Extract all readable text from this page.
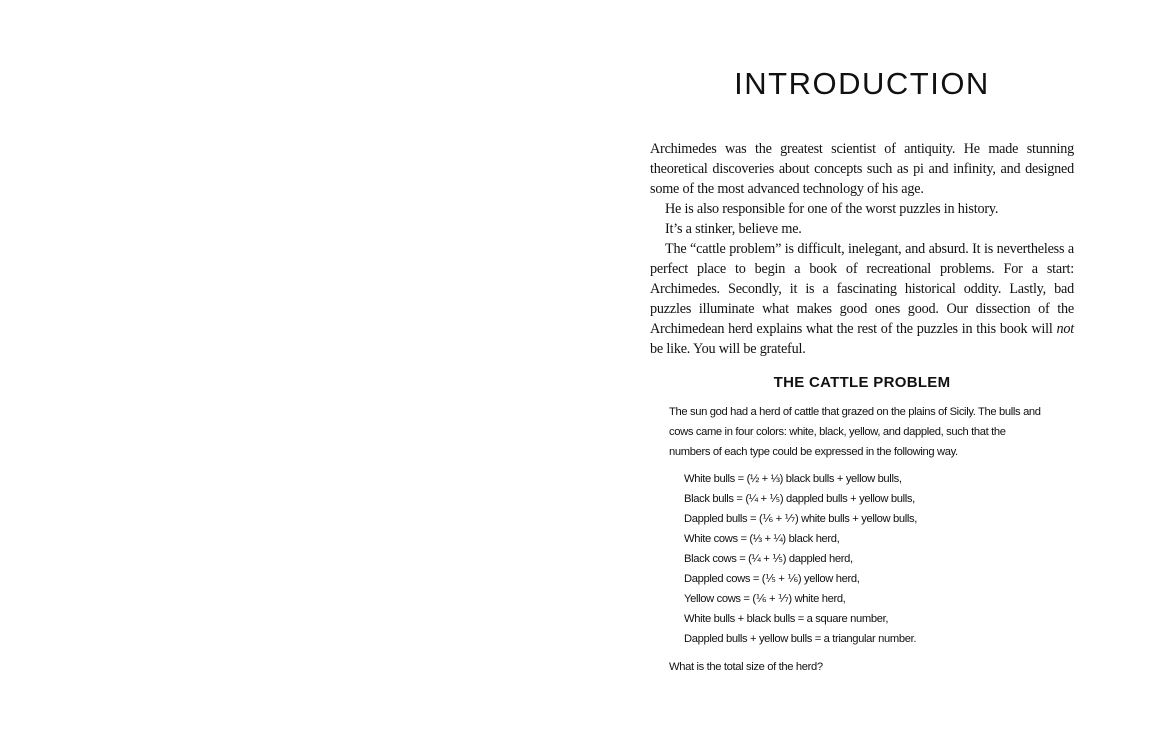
INTRODUCTION

Archimedes was the greatest scientist of antiquity. He made stunning theoretical discoveries about concepts such as pi and infinity, and designed some of the most advanced technology of his age.

He is also responsible for one of the worst puzzles in history.

It’s a stinker, believe me.

The “cattle problem” is difficult, inelegant, and absurd. It is nevertheless a perfect place to begin a book of recreational problems. For a start: Archimedes. Secondly, it is a fascinating historical oddity. Lastly, bad puzzles illuminate what makes good ones good. Our dissection of the Archimedean herd explains what the rest of the puzzles in this book will not be like. You will be grateful.

THE CATTLE PROBLEM

The sun god had a herd of cattle that grazed on the plains of Sicily. The bulls and cows came in four colors: white, black, yellow, and dappled, such that the numbers of each type could be expressed in the following way.

White bulls = (½ + ⅓) black bulls + yellow bulls,
Black bulls = (¼ + ⅕) dappled bulls + yellow bulls,
Dappled bulls = (⅙ + ⅐) white bulls + yellow bulls,
White cows = (⅓ + ¼) black herd,
Black cows = (¼ + ⅕) dappled herd,
Dappled cows = (⅕ + ⅙) yellow herd,
Yellow cows = (⅙ + ⅐) white herd,
White bulls + black bulls = a square number,
Dappled bulls + yellow bulls = a triangular number.

What is the total size of the herd?
